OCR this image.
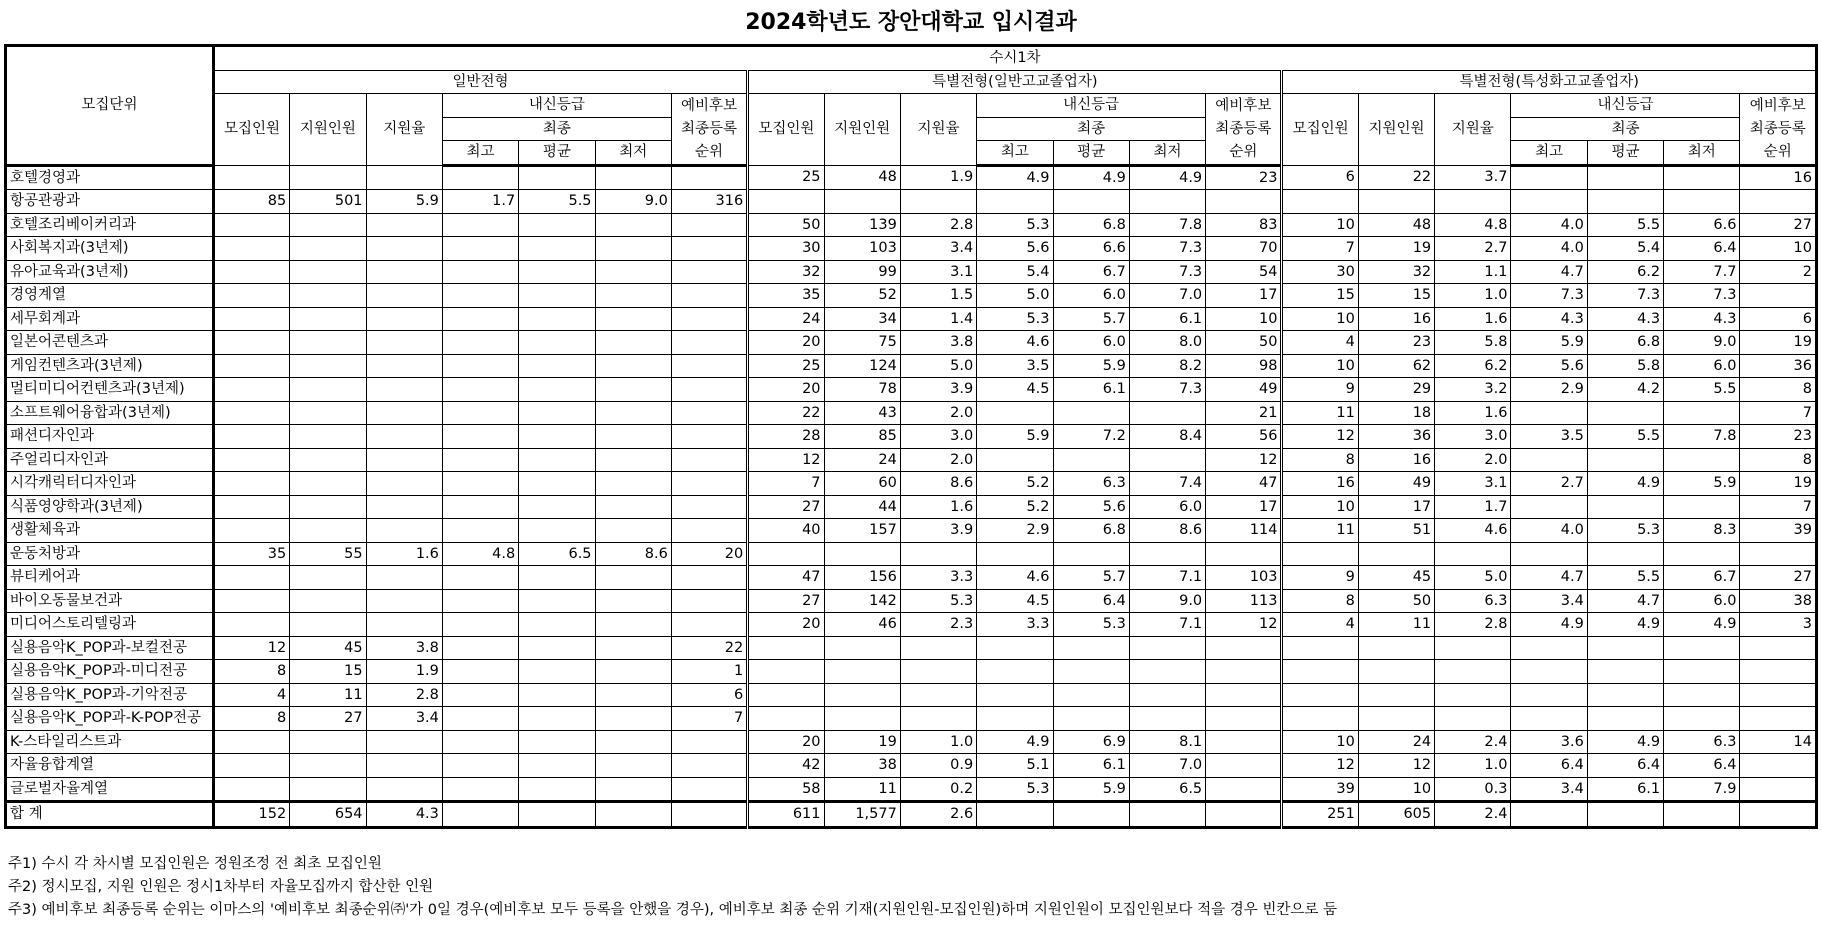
2024학년도 장안대학교 입시결과
모집단위	수시1차																				
	일반전형							특별전형(일반고교졸업자)							특별전형(특성화고교졸업자)						
	모집인원	지원인원	지원율	내신등급			예비후보	모집인원	지원인원	지원율	내신등급			예비후보	모집인원	지원인원	지원율	내신등급			예비후보
				최종			최종등록				최종			최종등록				최종			최종등록
				최고	평균	최저	순위				최고	평균	최저	순위				최고	평균	최저	순위
호텔경영과								25	48	1.9	4.9	4.9	4.9	23	6	22	3.7				16
항공관광과	85	501	5.9	1.7	5.5	9.0	316														
호텔조리베이커리과								50	139	2.8	5.3	6.8	7.8	83	10	48	4.8	4.0	5.5	6.6	27
사회복지과(3년제)								30	103	3.4	5.6	6.6	7.3	70	7	19	2.7	4.0	5.4	6.4	10
유아교육과(3년제)								32	99	3.1	5.4	6.7	7.3	54	30	32	1.1	4.7	6.2	7.7	2
경영계열								35	52	1.5	5.0	6.0	7.0	17	15	15	1.0	7.3	7.3	7.3	
세무회계과								24	34	1.4	5.3	5.7	6.1	10	10	16	1.6	4.3	4.3	4.3	6
일본어콘텐츠과								20	75	3.8	4.6	6.0	8.0	50	4	23	5.8	5.9	6.8	9.0	19
게임컨텐츠과(3년제)								25	124	5.0	3.5	5.9	8.2	98	10	62	6.2	5.6	5.8	6.0	36
멀티미디어컨텐츠과(3년제)								20	78	3.9	4.5	6.1	7.3	49	9	29	3.2	2.9	4.2	5.5	8
소프트웨어융합과(3년제)								22	43	2.0				21	11	18	1.6				7
패션디자인과								28	85	3.0	5.9	7.2	8.4	56	12	36	3.0	3.5	5.5	7.8	23
주얼리디자인과								12	24	2.0				12	8	16	2.0				8
시각캐릭터디자인과								7	60	8.6	5.2	6.3	7.4	47	16	49	3.1	2.7	4.9	5.9	19
식품영양학과(3년제)								27	44	1.6	5.2	5.6	6.0	17	10	17	1.7				7
생활체육과								40	157	3.9	2.9	6.8	8.6	114	11	51	4.6	4.0	5.3	8.3	39
운동처방과	35	55	1.6	4.8	6.5	8.6	20														
뷰티케어과								47	156	3.3	4.6	5.7	7.1	103	9	45	5.0	4.7	5.5	6.7	27
바이오동물보건과								27	142	5.3	4.5	6.4	9.0	113	8	50	6.3	3.4	4.7	6.0	38
미디어스토리텔링과								20	46	2.3	3.3	5.3	7.1	12	4	11	2.8	4.9	4.9	4.9	3
실용음악K_POP과-보컬전공	12	45	3.8				22														
실용음악K_POP과-미디전공	8	15	1.9				1														
실용음악K_POP과-기악전공	4	11	2.8				6														
실용음악K_POP과-K-POP전공	8	27	3.4				7														
K-스타일리스트과								20	19	1.0	4.9	6.9	8.1		10	24	2.4	3.6	4.9	6.3	14
자율융합계열								42	38	0.9	5.1	6.1	7.0		12	12	1.0	6.4	6.4	6.4	
글로벌자율계열								58	11	0.2	5.3	5.9	6.5		39	10	0.3	3.4	6.1	7.9	
합 계	152	654	4.3					611	1,577	2.6					251	605	2.4				
주1) 수시 각 차시별 모집인원은 정원조정 전 최초 모집인원
주2) 정시모집, 지원 인원은 정시1차부터 자율모집까지 합산한 인원
주3) 예비후보 최종등록 순위는 이마스의 '예비후보 최종순위㈜'가 0일 경우(예비후보 모두 등록을 안했을 경우), 예비후보 최종 순위 기재(지원인원-모집인원)하며 지원인원이 모집인원보다 적을 경우 빈칸으로 둠
